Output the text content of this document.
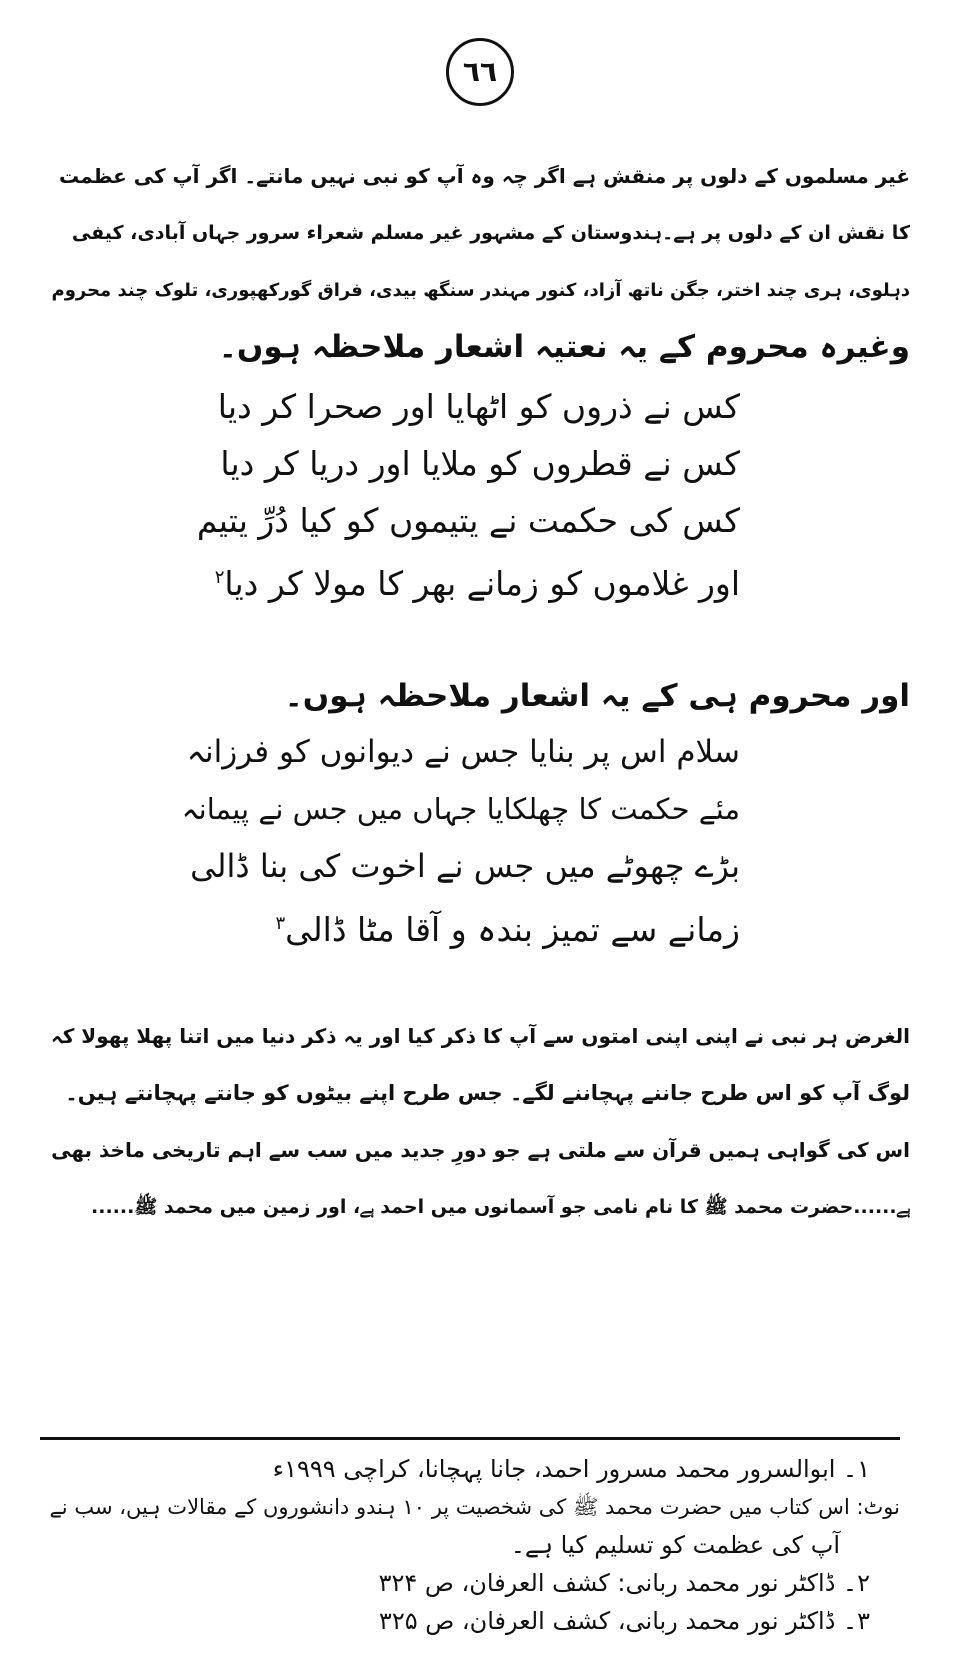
٦٦
غیر مسلموں کے دلوں پر منقش ہے اگر چہ وہ آپ کو نبی نہیں مانتے۔ اگر آپ کی عظمت
کا نقش ان کے دلوں پر ہے۔ہندوستان کے مشہور غیر مسلم شعراء سرور جہاں آبادی، کیفی
دہلوی، ہری چند اختر، جگن ناتھ آزاد، کنور مہندر سنگھ بیدی، فراق گورکھپوری، تلوک چند محروم
وغیرہ محروم کے یہ نعتیہ اشعار ملاحظہ ہوں۔
کس نے ذروں کو اٹھایا اور صحرا کر دیا
کس نے قطروں کو ملایا اور دریا کر دیا
کس کی حکمت نے یتیموں کو کیا دُرِّ یتیم
اور غلاموں کو زمانے بھر کا مولا کر دیا$^۲$
اور محروم ہی کے یہ اشعار ملاحظہ ہوں۔
سلام اس پر بنایا جس نے دیوانوں کو فرزانہ
مئے حکمت کا چھلکایا جہاں میں جس نے پیمانہ
بڑے چھوٹے میں جس نے اخوت کی بنا ڈالی
زمانے سے تمیز بندہ و آقا مٹا ڈالی$^۳$
الغرض ہر نبی نے اپنی اپنی امتوں سے آپ کا ذکر کیا اور یہ ذکر دنیا میں اتنا پھلا پھولا کہ
لوگ آپ کو اس طرح جاننے پہچاننے لگے۔ جس طرح اپنے بیٹوں کو جانتے پہچانتے ہیں۔
اس کی گواہی ہمیں قرآن سے ملتی ہے جو دورِ جدید میں سب سے اہم تاریخی ماخذ بھی
ہے......حضرت محمد ﷺ کا نام نامی جو آسمانوں میں احمد ہے، اور زمین میں محمد ﷺ......
۱۔ ابوالسرور محمد مسرور احمد، جانا پہچانا، کراچی ۱۹۹۹ء
نوٹ: اس کتاب میں حضرت محمد ﷺ کی شخصیت پر ۱۰ ہندو دانشوروں کے مقالات ہیں، سب نے
آپ کی عظمت کو تسلیم کیا ہے۔
۲۔ ڈاکٹر نور محمد ربانی: کشف العرفان، ص ۳۲۴
۳۔ ڈاکٹر نور محمد ربانی، کشف العرفان، ص ۳۲۵
